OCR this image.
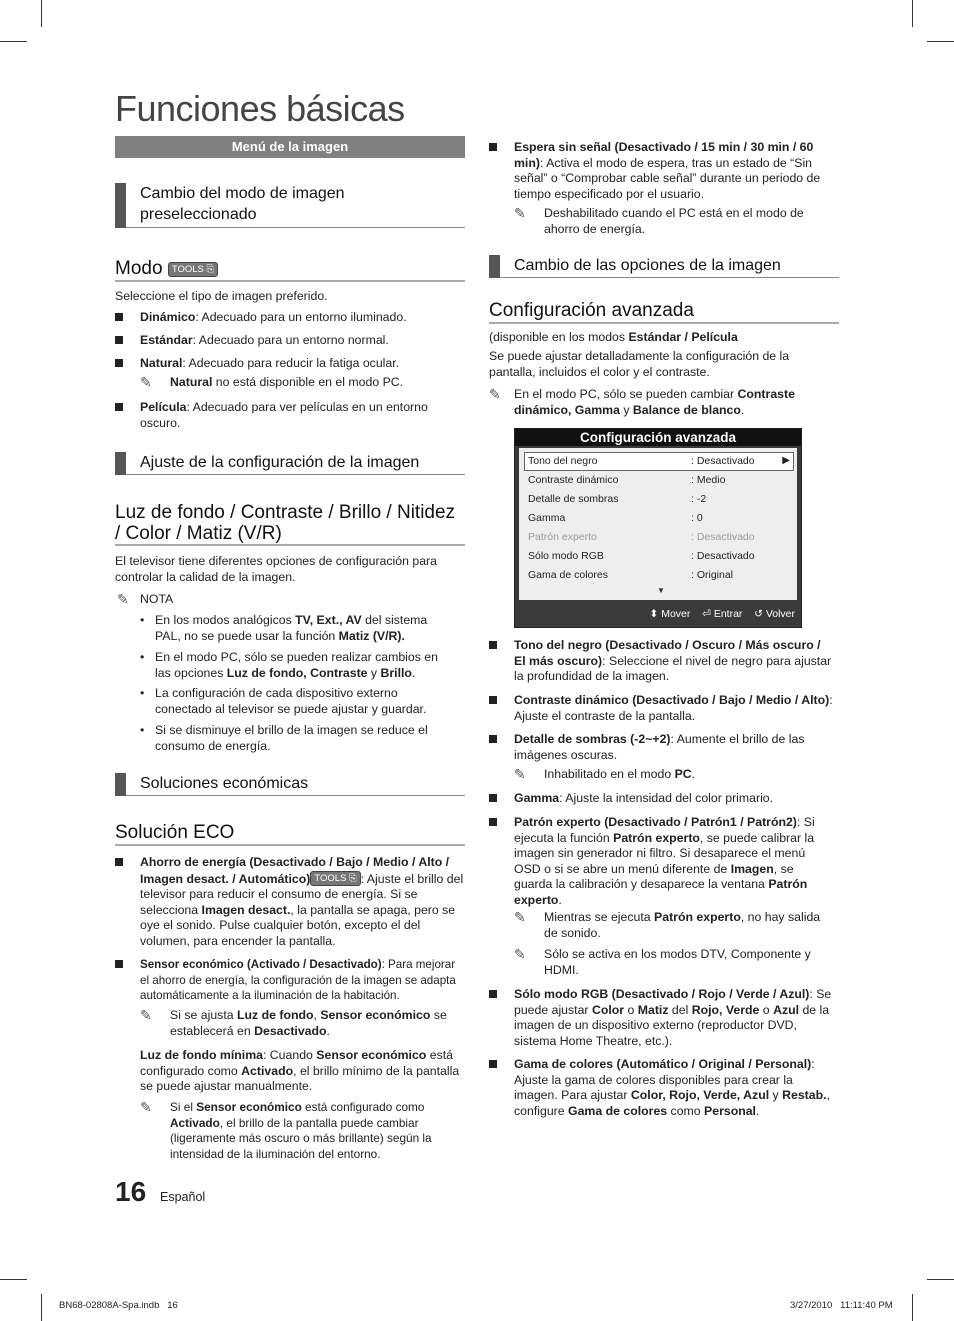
Funciones básicas
Menú de la imagen
Cambio del modo de imagen preseleccionado
Modo TOOLS ⎘
Seleccione el tipo de imagen preferido.
Dinámico: Adecuado para un entorno iluminado.
Estándar: Adecuado para un entorno normal.
Natural: Adecuado para reducir la fatiga ocular.
✎ Natural no está disponible en el modo PC.
Película: Adecuado para ver películas en un entorno oscuro.
Ajuste de la configuración de la imagen
Luz de fondo / Contraste / Brillo / Nitidez / Color / Matiz (V/R)
El televisor tiene diferentes opciones de configuración para controlar la calidad de la imagen.
✎ NOTA
• En los modos analógicos TV, Ext., AV del sistema PAL, no se puede usar la función Matiz (V/R).
• En el modo PC, sólo se pueden realizar cambios en las opciones Luz de fondo, Contraste y Brillo.
• La configuración de cada dispositivo externo conectado al televisor se puede ajustar y guardar.
• Si se disminuye el brillo de la imagen se reduce el consumo de energía.
Soluciones económicas
Solución ECO
Ahorro de energía (Desactivado / Bajo / Medio / Alto / Imagen desact. / Automático) TOOLS ⎘ : Ajuste el brillo del televisor para reducir el consumo de energía. Si se selecciona Imagen desact., la pantalla se apaga, pero se oye el sonido. Pulse cualquier botón, excepto el del volumen, para encender la pantalla.
Sensor económico (Activado / Desactivado): Para mejorar el ahorro de energía, la configuración de la imagen se adapta automáticamente a la iluminación de la habitación.
✎ Si se ajusta Luz de fondo, Sensor económico se establecerá en Desactivado.
Luz de fondo mínima: Cuando Sensor económico está configurado como Activado, el brillo mínimo de la pantalla se puede ajustar manualmente.
✎ Si el Sensor económico está configurado como Activado, el brillo de la pantalla puede cambiar (ligeramente más oscuro o más brillante) según la intensidad de la iluminación del entorno.
16 Español
Espera sin señal (Desactivado / 15 min / 30 min / 60 min): Activa el modo de espera, tras un estado de “Sin señal” o “Comprobar cable señal” durante un periodo de tiempo especificado por el usuario.
✎ Deshabilitado cuando el PC está en el modo de ahorro de energía.
Cambio de las opciones de la imagen
Configuración avanzada
(disponible en los modos Estándar / Película
Se puede ajustar detalladamente la configuración de la pantalla, incluidos el color y el contraste.
✎ En el modo PC, sólo se pueden cambiar Contraste dinámico, Gamma y Balance de blanco.
Configuración avanzada
Tono del negro	: Desactivado	▶
Contraste dinámico	: Medio
Detalle de sombras	: -2
Gamma	: 0
Patrón experto	: Desactivado
Sólo modo RGB	: Desactivado
Gama de colores	: Original
▼
⬍ Mover ⏎ Entrar ↺ Volver
Tono del negro (Desactivado / Oscuro / Más oscuro / El más oscuro): Seleccione el nivel de negro para ajustar la profundidad de la imagen.
Contraste dinámico (Desactivado / Bajo / Medio / Alto): Ajuste el contraste de la pantalla.
Detalle de sombras (-2~+2): Aumente el brillo de las imágenes oscuras.
✎ Inhabilitado en el modo PC.
Gamma: Ajuste la intensidad del color primario.
Patrón experto (Desactivado / Patrón1 / Patrón2): Si ejecuta la función Patrón experto, se puede calibrar la imagen sin generador ni filtro. Si desaparece el menú OSD o si se abre un menú diferente de Imagen, se guarda la calibración y desaparece la ventana Patrón experto.
✎ Mientras se ejecuta Patrón experto, no hay salida de sonido.
✎ Sólo se activa en los modos DTV, Componente y HDMI.
Sólo modo RGB (Desactivado / Rojo / Verde / Azul): Se puede ajustar Color o Matiz del Rojo, Verde o Azul de la imagen de un dispositivo externo (reproductor DVD, sistema Home Theatre, etc.).
Gama de colores (Automático / Original / Personal): Ajuste la gama de colores disponibles para crear la imagen. Para ajustar Color, Rojo, Verde, Azul y Restab., configure Gama de colores como Personal.
BN68-02808A-Spa.indb   16	3/27/2010   11:11:40 PM
